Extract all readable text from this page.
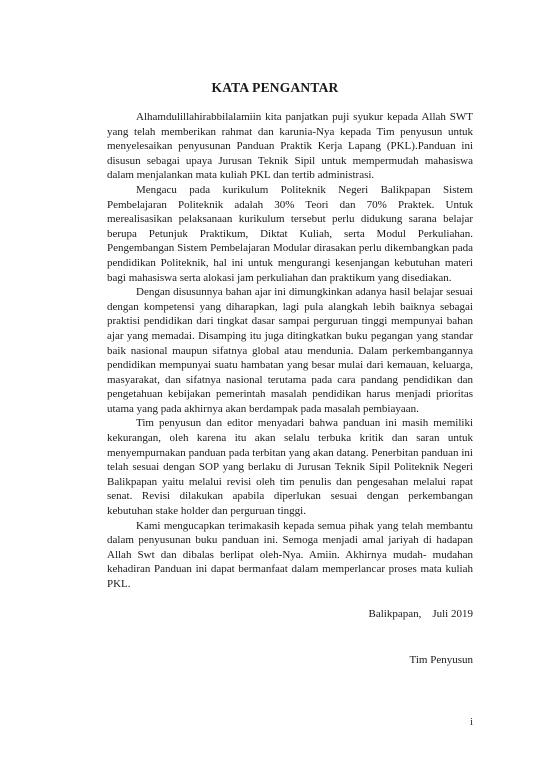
KATA PENGANTAR

Alhamdulillahirabbilalamiin kita panjatkan puji syukur kepada Allah SWT yang telah memberikan rahmat dan karunia-Nya kepada Tim penyusun untuk menyelesaikan penyusunan Panduan Praktik Kerja Lapang (PKL).Panduan ini disusun sebagai upaya Jurusan Teknik Sipil untuk mempermudah mahasiswa dalam menjalankan mata kuliah PKL dan tertib administrasi.

Mengacu pada kurikulum Politeknik Negeri Balikpapan Sistem Pembelajaran Politeknik adalah 30% Teori dan 70% Praktek. Untuk merealisasikan pelaksanaan kurikulum tersebut perlu didukung sarana belajar berupa Petunjuk Praktikum, Diktat Kuliah, serta Modul Perkuliahan. Pengembangan Sistem Pembelajaran Modular dirasakan perlu dikembangkan pada pendidikan Politeknik, hal ini untuk mengurangi kesenjangan kebutuhan materi bagi mahasiswa serta alokasi jam perkuliahan dan praktikum yang disediakan.

Dengan disusunnya bahan ajar ini dimungkinkan adanya hasil belajar sesuai dengan kompetensi yang diharapkan, lagi pula alangkah lebih baiknya sebagai praktisi pendidikan dari tingkat dasar sampai perguruan tinggi mempunyai bahan ajar yang memadai. Disamping itu juga ditingkatkan buku pegangan yang standar baik nasional maupun sifatnya global atau mendunia. Dalam perkembangannya pendidikan mempunyai suatu hambatan yang besar mulai dari kemauan, keluarga, masyarakat, dan sifatnya nasional terutama pada cara pandang pendidikan dan pengetahuan kebijakan pemerintah masalah pendidikan harus menjadi prioritas utama yang pada akhirnya akan berdampak pada masalah pembiayaan.

Tim penyusun dan editor menyadari bahwa panduan ini masih memiliki kekurangan, oleh karena itu akan selalu terbuka kritik dan saran untuk menyempurnakan panduan pada terbitan yang akan datang. Penerbitan panduan ini telah sesuai dengan SOP yang berlaku di Jurusan Teknik Sipil Politeknik Negeri Balikpapan yaitu melalui revisi oleh tim penulis dan pengesahan melalui rapat senat. Revisi dilakukan apabila diperlukan sesuai dengan perkembangan kebutuhan stake holder dan perguruan tinggi.

Kami mengucapkan terimakasih kepada semua pihak yang telah membantu dalam penyusunan buku panduan ini. Semoga menjadi amal jariyah di hadapan Allah Swt dan dibalas berlipat oleh-Nya. Amiin. Akhirnya mudah- mudahan kehadiran Panduan ini dapat bermanfaat dalam memperlancar proses mata kuliah PKL.

Balikpapan,    Juli 2019
Tim Penyusun
i
